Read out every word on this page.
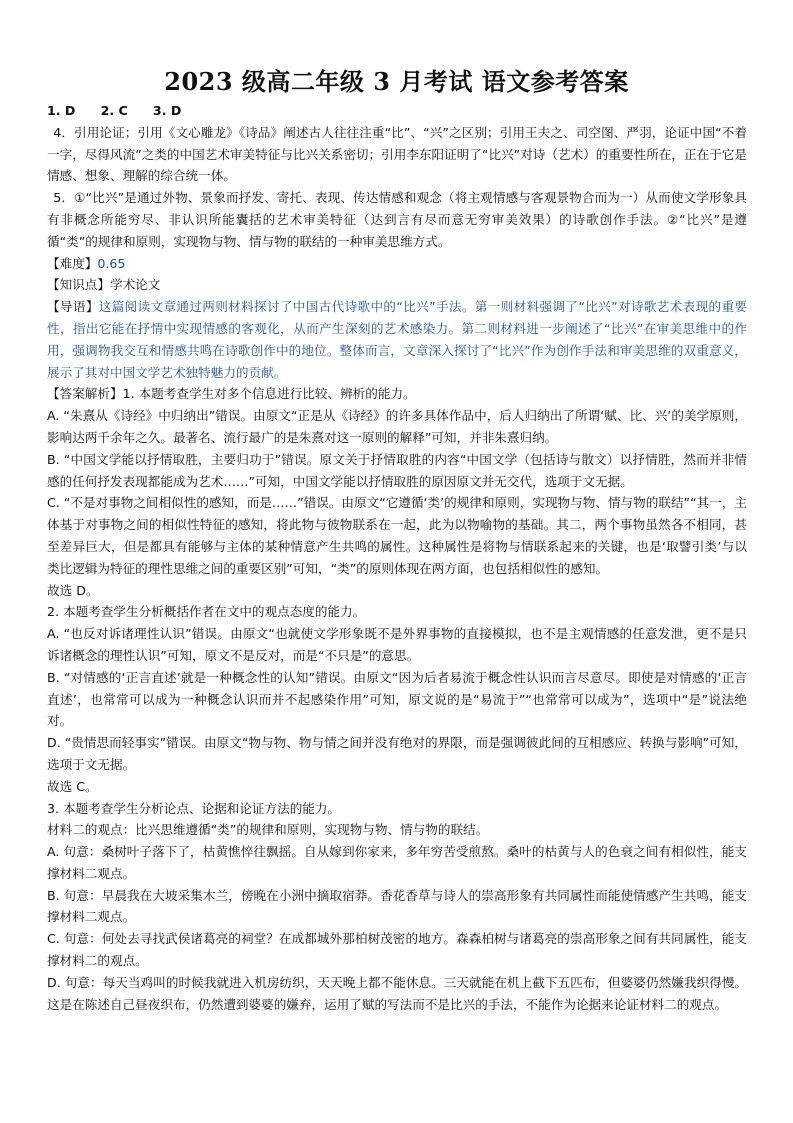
2023 级高二年级 3 月考试 语文参考答案

1. D　　2. C　　3. D

4．引用论证；引用《文心雕龙》《诗品》阐述古人往往注重“比”、“兴”之区别；引用王夫之、司空图、严羽，论证中国“不着一字，尽得风流”之类的中国艺术审美特征与比兴关系密切；引用李东阳证明了“比兴”对诗（艺术）的重要性所在，正在于它是情感、想象、理解的综合统一体。

5．①“比兴”是通过外物、景象而抒发、寄托、表现、传达情感和观念（将主观情感与客观景物合而为一）从而使文学形象具有非概念所能穷尽、非认识所能囊括的艺术审美特征（达到言有尽而意无穷审美效果）的诗歌创作手法。②“比兴”是遵循“类”的规律和原则，实现物与物、情与物的联结的一种审美思维方式。

【难度】0.65

【知识点】学术论文

【导语】这篇阅读文章通过两则材料探讨了中国古代诗歌中的“比兴”手法。第一则材料强调了“比兴”对诗歌艺术表现的重要性，指出它能在抒情中实现情感的客观化，从而产生深刻的艺术感染力。第二则材料进一步阐述了“比兴”在审美思维中的作用，强调物我交互和情感共鸣在诗歌创作中的地位。整体而言，文章深入探讨了“比兴”作为创作手法和审美思维的双重意义，展示了其对中国文学艺术独特魅力的贡献。

【答案解析】1. 本题考查学生对多个信息进行比较、辨析的能力。

A. “朱熹从《诗经》中归纳出”错误。由原文“正是从《诗经》的许多具体作品中，后人归纳出了所谓‘赋、比、兴’的美学原则，影响达两千余年之久。最著名、流行最广的是朱熹对这一原则的解释”可知，并非朱熹归纳。

B. “中国文学能以抒情取胜，主要归功于”错误。原文关于抒情取胜的内容“中国文学（包括诗与散文）以抒情胜，然而并非情感的任何抒发表现都能成为艺术……”可知，中国文学能以抒情取胜的原因原文并无交代，选项于文无据。

C. “不是对事物之间相似性的感知，而是……”错误。由原文“它遵循‘类’的规律和原则，实现物与物、情与物的联结”“其一，主体基于对事物之间的相似性特征的感知，将此物与彼物联系在一起，此为以物喻物的基础。其二，两个事物虽然各不相同，甚至差异巨大，但是都具有能够与主体的某种情意产生共鸣的属性。这种属性是将物与情联系起来的关键，也是‘取譬引类’与以类比逻辑为特征的理性思维之间的重要区别”可知，“类”的原则体现在两方面，也包括相似性的感知。

故选 D。

2. 本题考查学生分析概括作者在文中的观点态度的能力。

A. “也反对诉诸理性认识”错误。由原文“也就使文学形象既不是外界事物的直接模拟，也不是主观情感的任意发泄，更不是只诉诸概念的理性认识”可知，原文不是反对，而是“不只是”的意思。

B. “对情感的‘正言直述’就是一种概念性的认知”错误。由原文“因为后者易流于概念性认识而言尽意尽。即使是对情感的‘正言直述’，也常常可以成为一种概念认识而并不起感染作用”可知，原文说的是“易流于”“也常常可以成为”，选项中“是”说法绝对。

D. “贵情思而轻事实”错误。由原文“物与物、物与情之间并没有绝对的界限，而是强调彼此间的互相感应、转换与影响”可知，选项于文无据。

故选 C。

3. 本题考查学生分析论点、论据和论证方法的能力。

材料二的观点：比兴思维遵循“类”的规律和原则，实现物与物、情与物的联结。

A. 句意：桑树叶子落下了，枯黄憔悴往飘摇。自从嫁到你家来，多年穷苦受煎熬。桑叶的枯黄与人的色衰之间有相似性，能支撑材料二观点。

B. 句意：早晨我在大坡采集木兰，傍晚在小洲中摘取宿莽。香花香草与诗人的崇高形象有共同属性而能使情感产生共鸣，能支撑材料二观点。

C. 句意：何处去寻找武侯诸葛亮的祠堂？在成都城外那柏树茂密的地方。森森柏树与诸葛亮的崇高形象之间有共同属性，能支撑材料二的观点。

D. 句意：每天当鸡叫的时候我就进入机房纺织，天天晚上都不能休息。三天就能在机上截下五匹布，但婆婆仍然嫌我织得慢。这是在陈述自己昼夜织布，仍然遭到婆婆的嫌弃，运用了赋的写法而不是比兴的手法，不能作为论据来论证材料二的观点。
